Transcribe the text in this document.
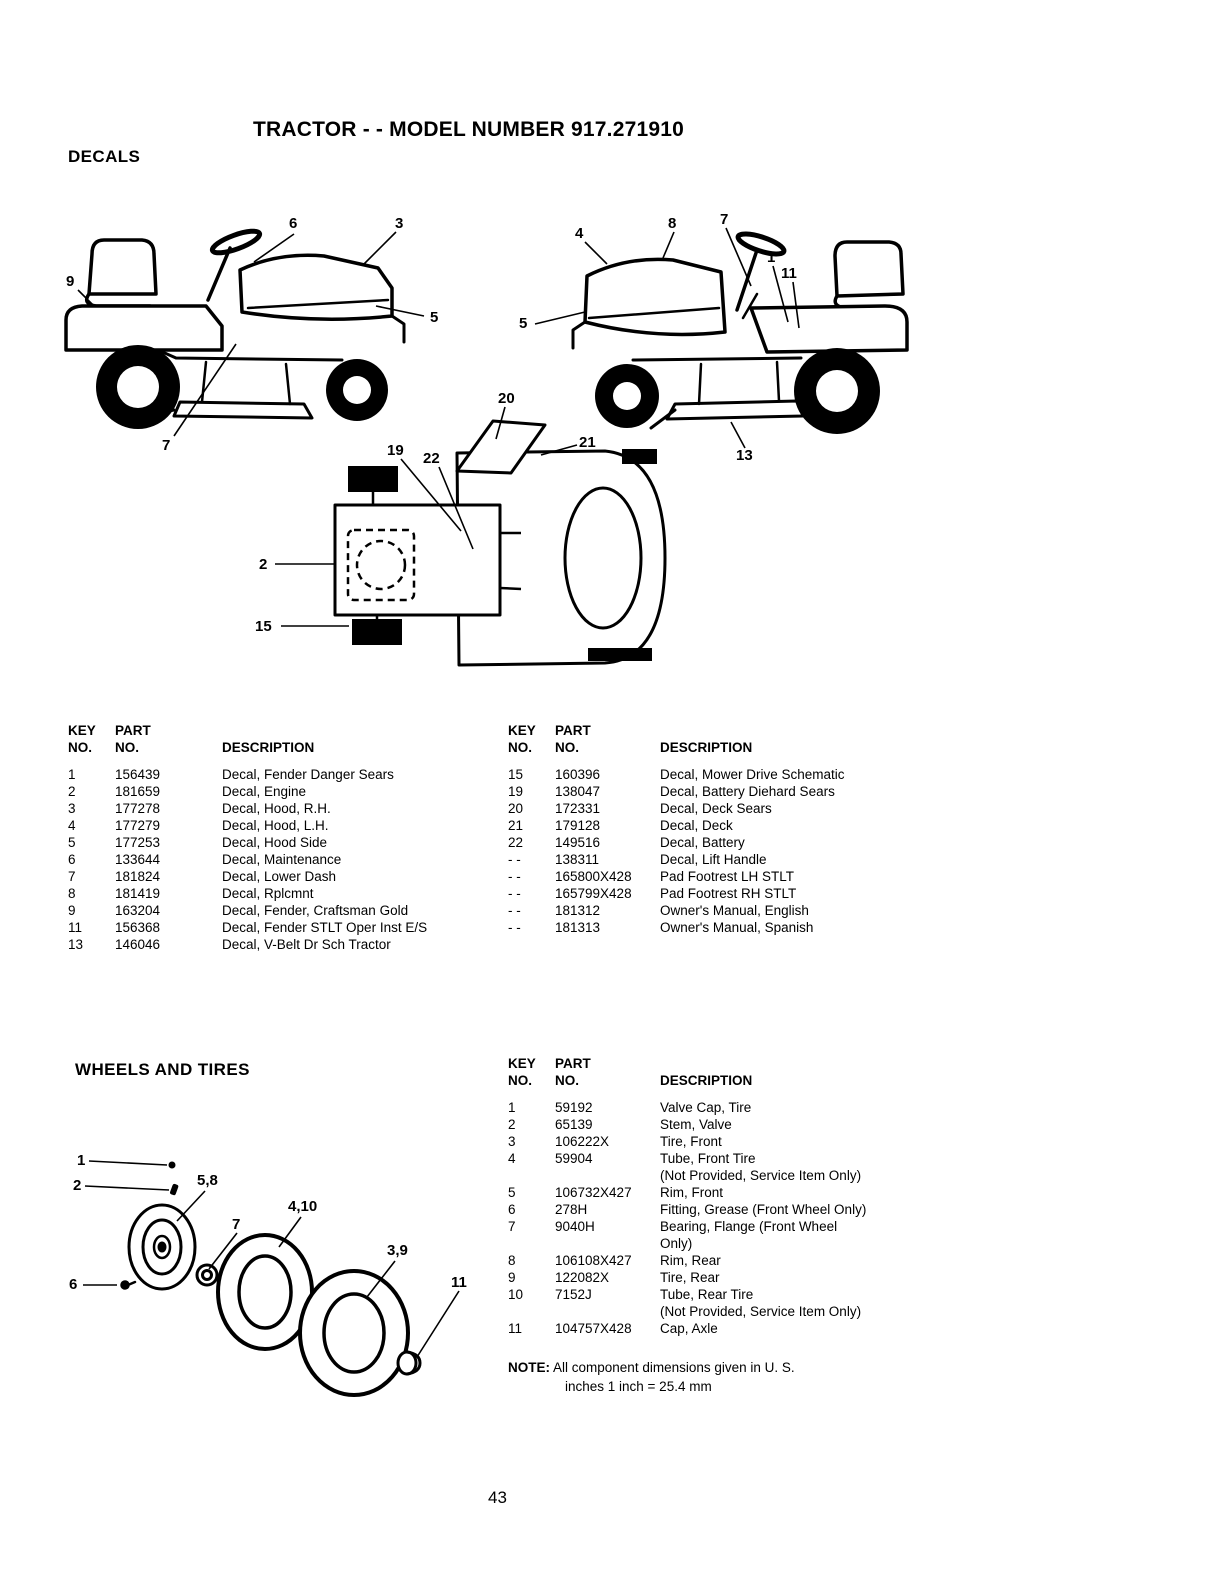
TRACTOR - - MODEL NUMBER 917.271910
DECALS
6	3
9
5
7
4
8	7
1
11
5
13
20
19 22
21
2
15
KEY
NO.
PART
NO.
	DESCRIPTION
1	156439	Decal, Fender Danger Sears
2	181659	Decal, Engine
3	177278	Decal, Hood, R.H.
4	177279	Decal, Hood, L.H.
5	177253	Decal, Hood Side
6	133644	Decal, Maintenance
7	181824	Decal, Lower Dash
8	181419	Decal, Rplcmnt
9	163204	Decal, Fender, Craftsman Gold
11	156368	Decal, Fender STLT Oper Inst E/S
13	146046	Decal, V-Belt Dr Sch Tractor
KEY
NO.
PART
NO.
	DESCRIPTION
15	160396	Decal, Mower Drive Schematic
19	138047	Decal, Battery Diehard Sears
20	172331	Decal, Deck Sears
21	179128	Decal, Deck
22	149516	Decal, Battery
- -	138311	Decal, Lift Handle
- -	165800X428	Pad Footrest LH STLT
- -	165799X428	Pad Footrest RH STLT
- -	181312	Owner's Manual, English
- -	181313	Owner's Manual, Spanish
WHEELS AND TIRES
1
2	5,8
7
4,10
3,9
6	11
KEY
NO.
PART
NO.
	DESCRIPTION
1	59192	Valve Cap, Tire
2	65139	Stem, Valve
3	106222X	Tire, Front
4	59904	Tube, Front Tire
(Not Provided, Service Item Only)
5	106732X427	Rim, Front
6	278H	Fitting, Grease (Front Wheel Only)
7	9040H	Bearing, Flange (Front Wheel
Only)
8	106108X427	Rim, Rear
9	122082X	Tire, Rear
10	7152J	Tube, Rear Tire
(Not Provided, Service Item Only)
11	104757X428	Cap, Axle
NOTE: All component dimensions given in U. S.
inches 1 inch = 25.4 mm
43
